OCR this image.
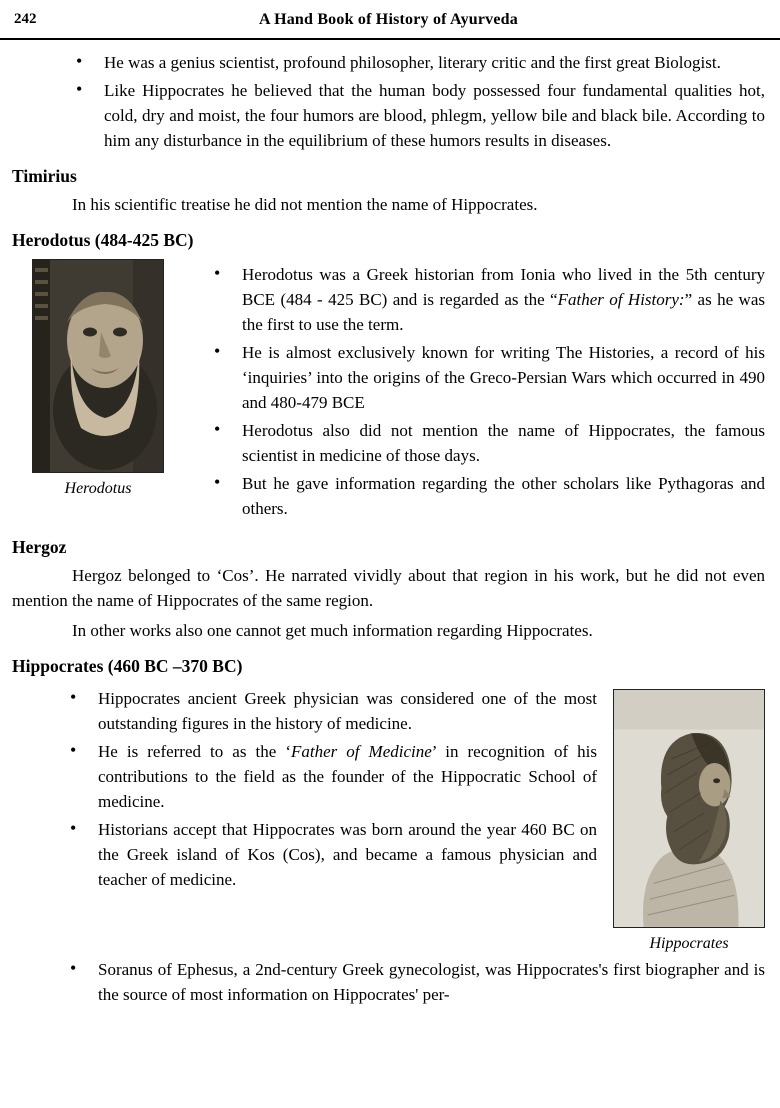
242	A Hand Book of History of Ayurveda
• He was a genius scientist, profound philosopher, literary critic and the first great Biologist.
• Like Hippocrates he believed that the human body possessed four fundamental qualities hot, cold, dry and moist, the four humors are blood, phlegm, yellow bile and black bile. According to him any disturbance in the equilibrium of these humors results in diseases.
Timirius

In his scientific treatise he did not mention the name of Hippocrates.

Herodotus (484-425 BC)
Herodotus
• Herodotus was a Greek historian from Ionia who lived in the 5th century BCE (484 - 425 BC) and is regarded as the “Father of History:” as he was the first to use the term.
• He is almost exclusively known for writing The Histories, a record of his ‘inquiries’ into the origins of the Greco-Persian Wars which occurred in 490 and 480-479 BCE
• Herodotus also did not mention the name of Hippocrates, the famous scientist in medicine of those days.
• But he gave information regarding the other scholars like Pythagoras and others.
Hergoz

Hergoz belonged to ‘Cos’. He narrated vividly about that region in his work, but he did not even mention the name of Hippocrates of the same region.

In other works also one cannot get much information regarding Hippocrates.

Hippocrates (460 BC –370 BC)
• Hippocrates ancient Greek physician was considered one of the most outstanding figures in the history of medicine.
• He is referred to as the ‘Father of Medicine’ in recognition of his contributions to the field as the founder of the Hippocratic School of medicine.
• Historians accept that Hippocrates was born around the year 460 BC on the Greek island of Kos (Cos), and became a famous physician and teacher of medicine.
Hippocrates
• Soranus of Ephesus, a 2nd-century Greek gynecologist, was Hippocrates's first biographer and is the source of most information on Hippocrates' per-
